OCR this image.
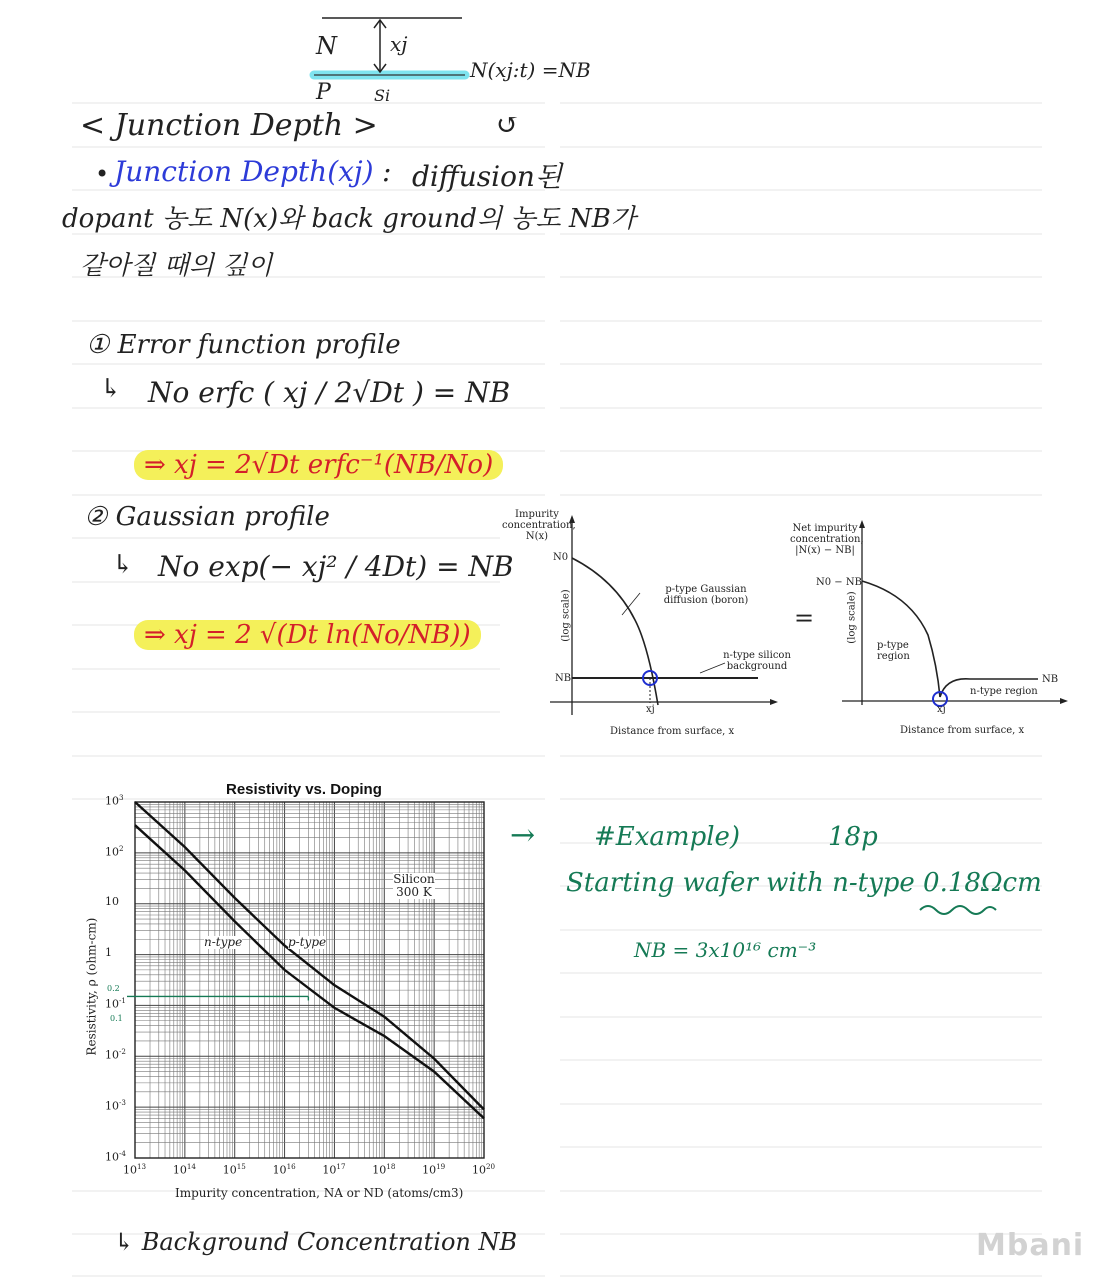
N	xj
P	Si
N(xj:t) =NB
↺
< Junction Depth >
• Junction Depth(xj) : diffusion된
dopant 농도 N(x)와 back ground의 농도 NB가
같아질 때의 깊이
① Error function profile
↳ No erfc ( xj / 2√Dt ) = NB
⇒ xj = 2√Dt erfc⁻¹(NB/No)
② Gaussian profile
↳ No exp(− xj² / 4Dt) = NB
⇒ xj = 2 √(Dt ln(No/NB))
Impurity concentration, N(x)
(log scale)
N0
NB
p-type Gaussian diffusion (boron)
n-type silicon background
xj
Distance from surface, x
=
Net impurity concentration, |N(x) − NB|
(log scale)
N0 − NB
p-type region
n-type region
NB
xj
Distance from surface, x
Resistivity vs. Doping
$10^{13}$ $10^{14}$ $10^{15}$ $10^{16}$ $10^{17}$ $10^{18}$ $10^{19}$ $10^{20}$
$10^3$
$10^2$
10
1
$10^{-1}$
$10^{-2}$
$10^{-3}$
$10^{-4}$
Impurity concentration, NA or ND (atoms/cm3)
Resistivity, ρ (ohm-cm)
Silicon 300 K
n-type	p-type
0.2
0.1
→ #Example)	18p
Starting wafer with n-type 0.18Ωcm
NB = 3x10¹⁶ cm⁻³
↳ Background Concentration NB	Mbani
